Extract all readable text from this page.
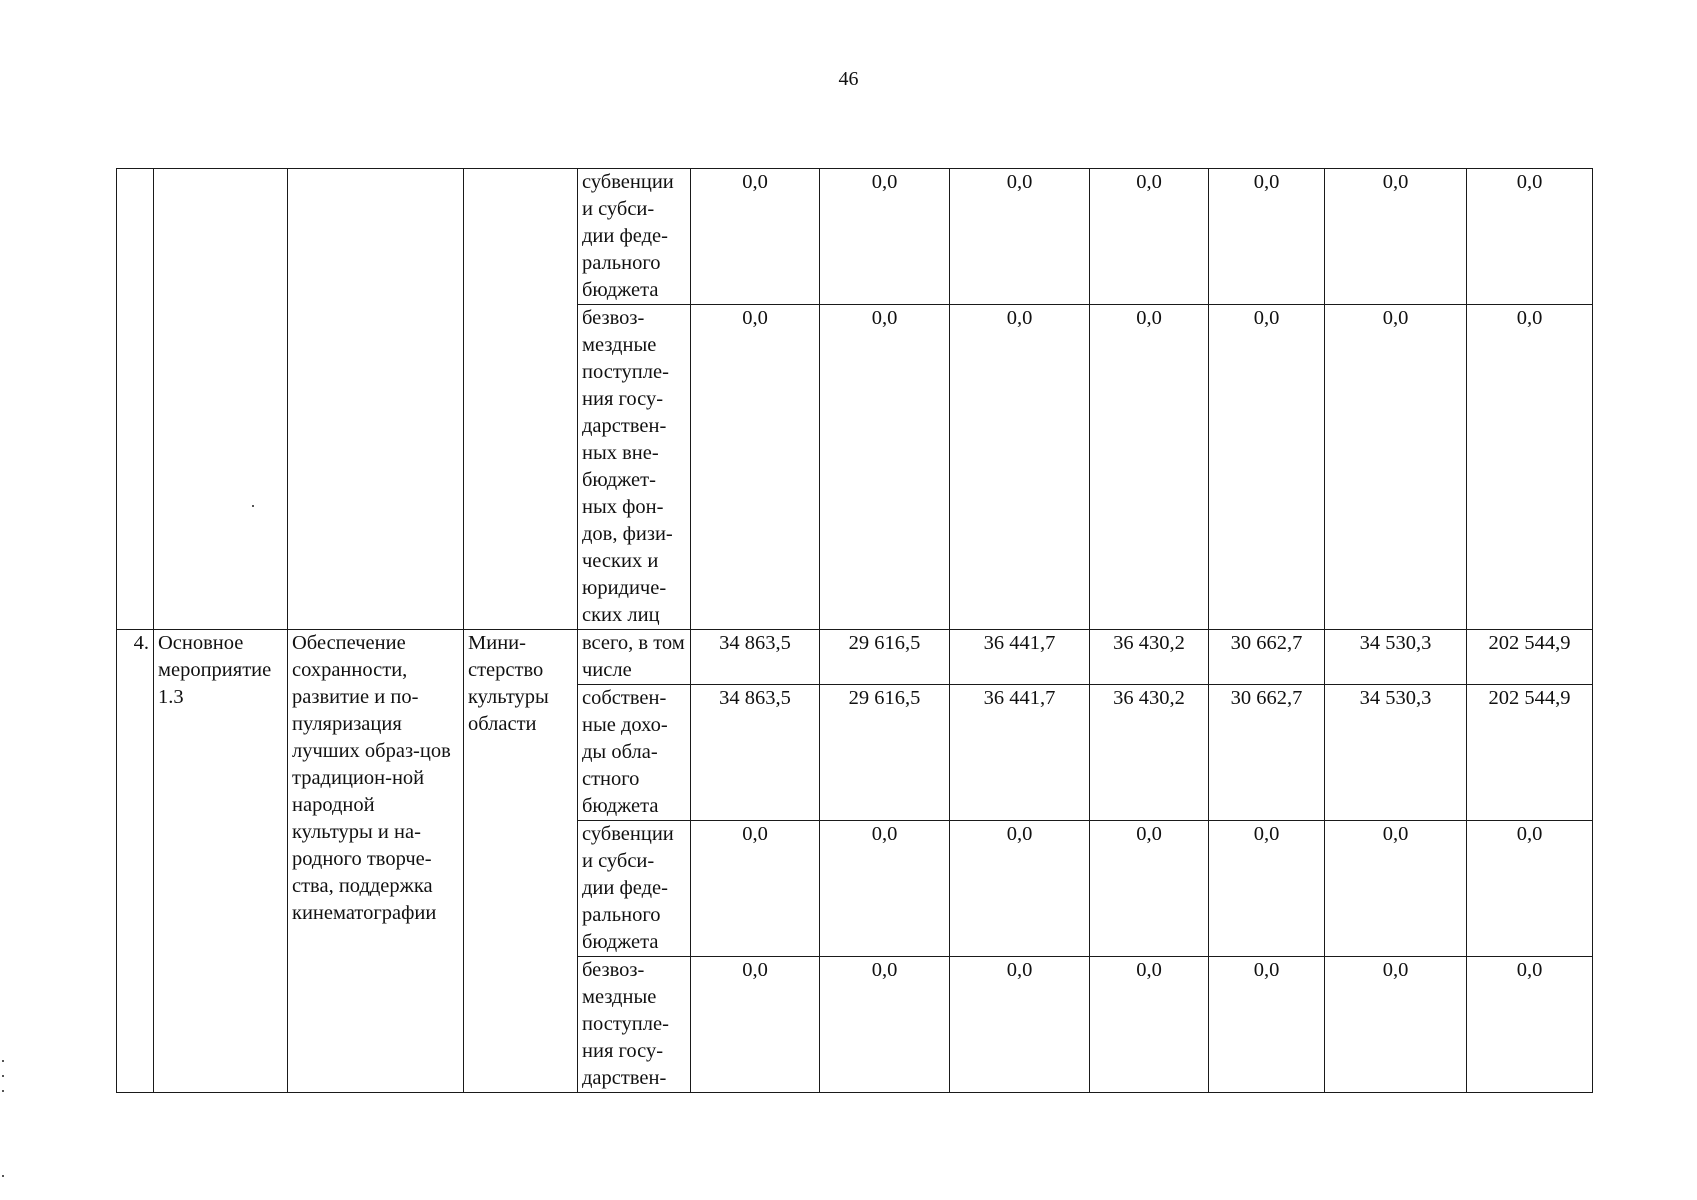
46
				субвенции и субси-дии феде-рального бюджета	0,0	0,0	0,0	0,0	0,0	0,0	0,0
				безвоз-мездные поступле-ния госу-дарствен-ных вне-бюджет-ных фон-дов, физи-ческих и юридиче-ских лиц	0,0	0,0	0,0	0,0	0,0	0,0	0,0
4.	Основное мероприятие 1.3	Обеспечение сохранности, развитие и по-пуляризация лучших образ-цов традицион-ной народной культуры и на-родного творче-ства, поддержка кинематографии	Мини-стерство культуры области	всего, в том числе	34 863,5	29 616,5	36 441,7	36 430,2	30 662,7	34 530,3	202 544,9
				собствен-ные дохо-ды обла-стного бюджета	34 863,5	29 616,5	36 441,7	36 430,2	30 662,7	34 530,3	202 544,9
				субвенции и субси-дии феде-рального бюджета	0,0	0,0	0,0	0,0	0,0	0,0	0,0
				безвоз-мездные поступле-ния госу-дарствен-	0,0	0,0	0,0	0,0	0,0	0,0	0,0
